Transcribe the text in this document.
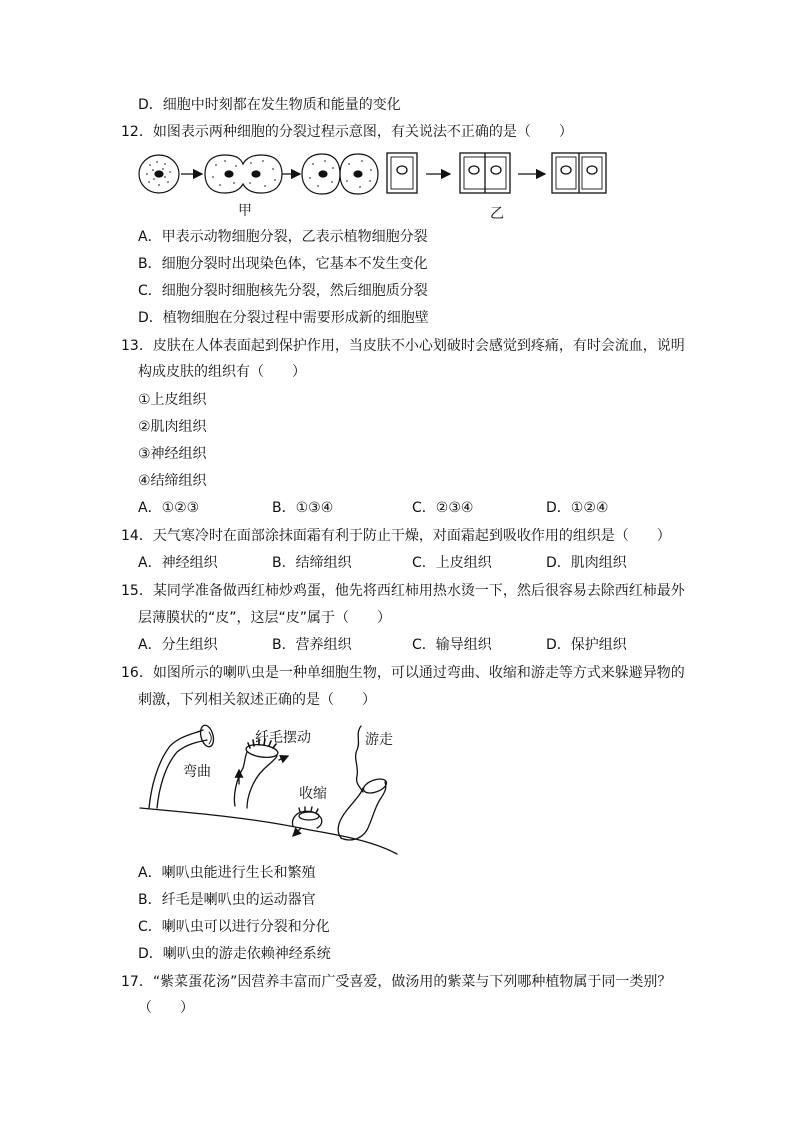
D．细胞中时刻都在发生物质和能量的变化
12．如图表示两种细胞的分裂过程示意图，有关说法不正确的是（　　）
甲	乙
A．甲表示动物细胞分裂，乙表示植物细胞分裂
B．细胞分裂时出现染色体，它基本不发生变化
C．细胞分裂时细胞核先分裂，然后细胞质分裂
D．植物细胞在分裂过程中需要形成新的细胞壁
13．皮肤在人体表面起到保护作用，当皮肤不小心划破时会感觉到疼痛，有时会流血，说明
构成皮肤的组织有（　　）
①上皮组织
②肌肉组织
③神经组织
④结缔组织
A．①②③	B．①③④	C．②③④	D．①②④
14．天气寒冷时在面部涂抹面霜有利于防止干燥，对面霜起到吸收作用的组织是（　　）
A．神经组织	B．结缔组织	C．上皮组织	D．肌肉组织
15．某同学准备做西红柿炒鸡蛋，他先将西红柿用热水烫一下，然后很容易去除西红柿最外
层薄膜状的“皮”，这层“皮”属于（　　）
A．分生组织	B．营养组织	C．输导组织	D．保护组织
16．如图所示的喇叭虫是一种单细胞生物，可以通过弯曲、收缩和游走等方式来躲避异物的
刺激，下列相关叙述正确的是（　　）
弯曲
纤毛摆动
收缩
游走
A．喇叭虫能进行生长和繁殖
B．纤毛是喇叭虫的运动器官
C．喇叭虫可以进行分裂和分化
D．喇叭虫的游走依赖神经系统
17．“紫菜蛋花汤”因营养丰富而广受喜爱，做汤用的紫菜与下列哪种植物属于同一类别？
（　　）
